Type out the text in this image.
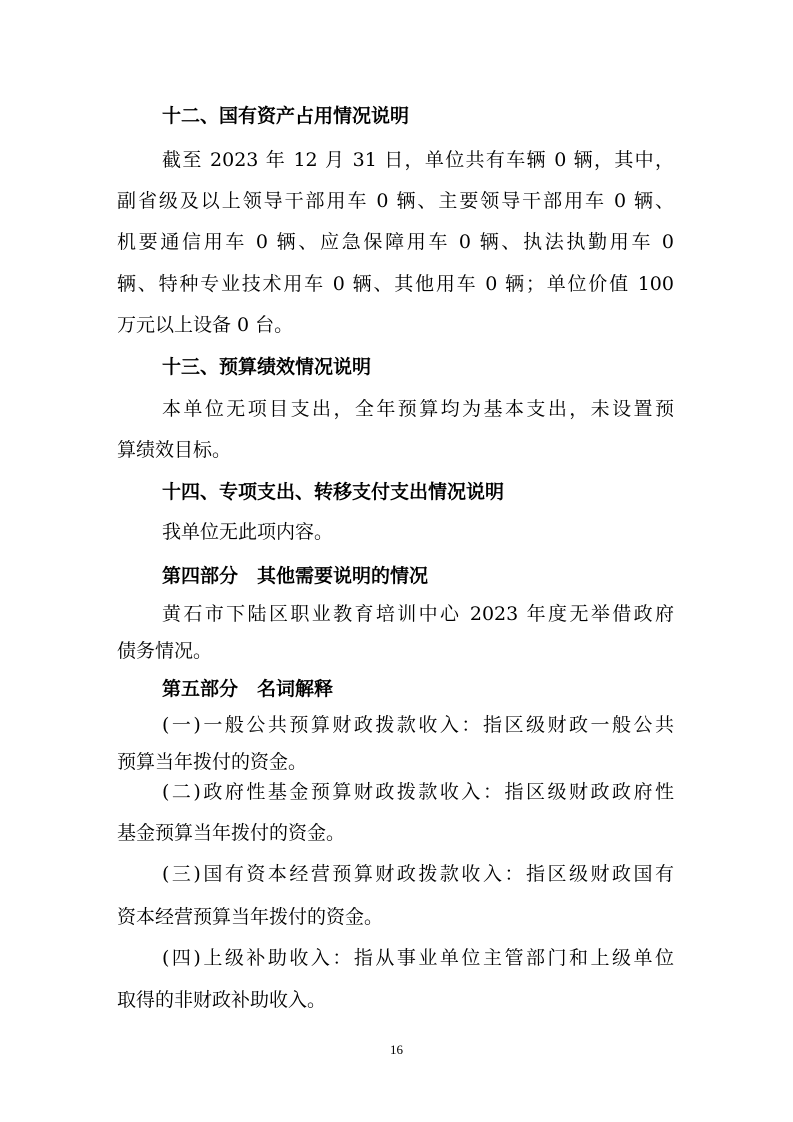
十二、国有资产占用情况说明
截至 2023 年 12 月 31 日，单位共有车辆 0 辆，其中，
副省级及以上领导干部用车 0 辆、主要领导干部用车 0 辆、
机要通信用车 0 辆、应急保障用车 0 辆、执法执勤用车 0
辆、特种专业技术用车 0 辆、其他用车 0 辆；单位价值 100
万元以上设备 0 台。
十三、预算绩效情况说明
本单位无项目支出，全年预算均为基本支出，未设置预
算绩效目标。
十四、专项支出、转移支付支出情况说明
我单位无此项内容。
第四部分　其他需要说明的情况
黄石市下陆区职业教育培训中心 2023 年度无举借政府
债务情况。
第五部分　名词解释
(一)一般公共预算财政拨款收入：指区级财政一般公共
预算当年拨付的资金。
(二)政府性基金预算财政拨款收入：指区级财政政府性
基金预算当年拨付的资金。
(三)国有资本经营预算财政拨款收入：指区级财政国有
资本经营预算当年拨付的资金。
(四)上级补助收入：指从事业单位主管部门和上级单位
取得的非财政补助收入。
16
